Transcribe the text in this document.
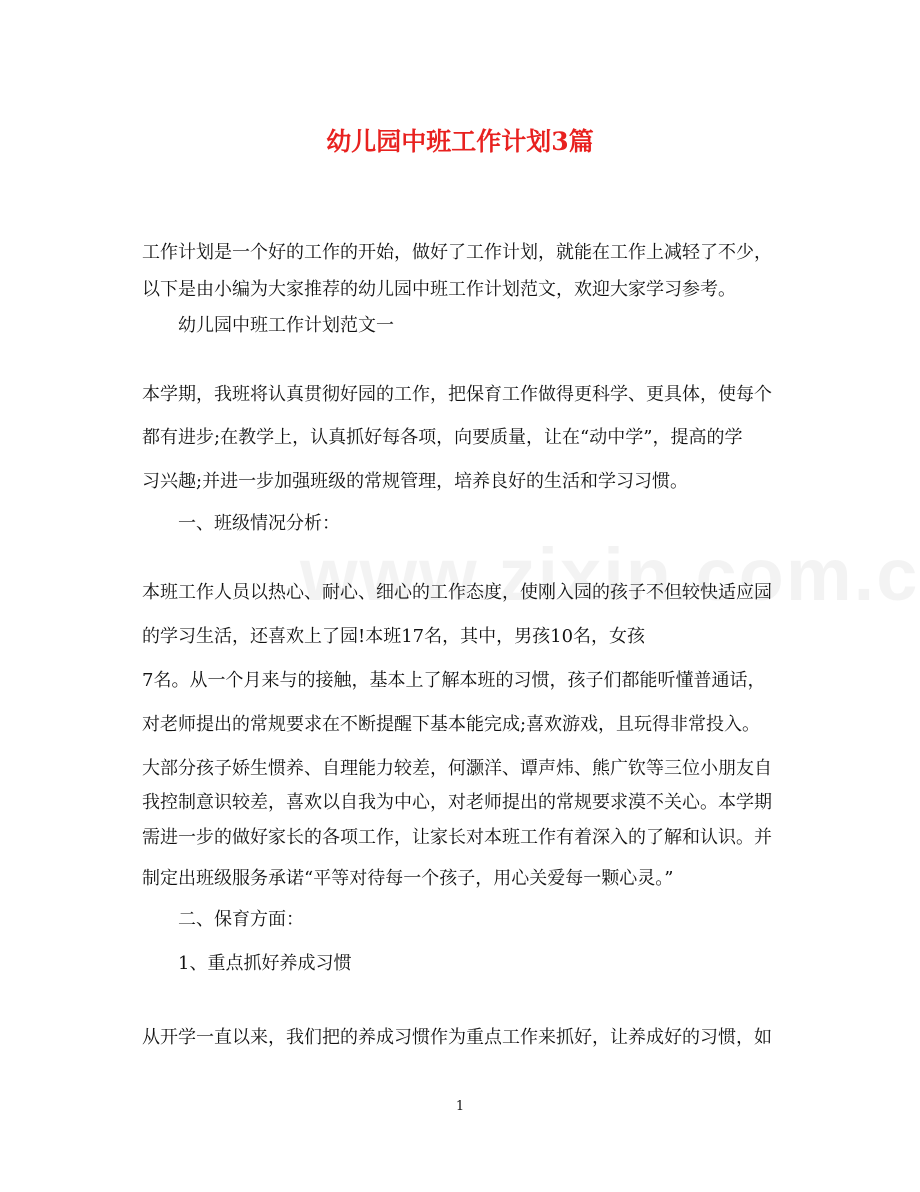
幼儿园中班工作计划3篇
工作计划是一个好的工作的开始，做好了工作计划，就能在工作上减轻了不少，
以下是由小编为大家推荐的幼儿园中班工作计划范文，欢迎大家学习参考。
幼儿园中班工作计划范文一
本学期，我班将认真贯彻好园的工作，把保育工作做得更科学、更具体，使每个
都有进步;在教学上，认真抓好每各项，向要质量，让在“动中学”，提高的学
习兴趣;并进一步加强班级的常规管理，培养良好的生活和学习习惯。
一、班级情况分析：
本班工作人员以热心、耐心、细心的工作态度，使刚入园的孩子不但较快适应园
的学习生活，还喜欢上了园!本班17名，其中，男孩10名，女孩
7名。从一个月来与的接触，基本上了解本班的习惯，孩子们都能听懂普通话，
对老师提出的常规要求在不断提醒下基本能完成;喜欢游戏，且玩得非常投入。
大部分孩子娇生惯养、自理能力较差，何灏洋、谭声炜、熊广钦等三位小朋友自
我控制意识较差，喜欢以自我为中心，对老师提出的常规要求漠不关心。本学期
需进一步的做好家长的各项工作，让家长对本班工作有着深入的了解和认识。并
制定出班级服务承诺“平等对待每一个孩子，用心关爱每一颗心灵。”
二、保育方面：
1、重点抓好养成习惯
从开学一直以来，我们把的养成习惯作为重点工作来抓好，让养成好的习惯，如
1
